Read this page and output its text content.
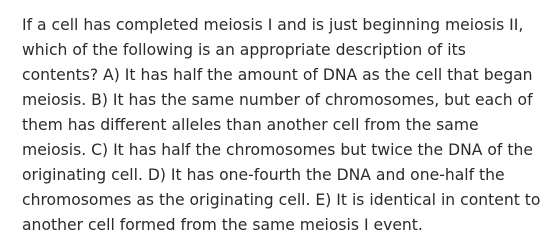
If a cell has completed meiosis I and is just beginning meiosis II, which of the following is an appropriate description of its contents? A) It has half the amount of DNA as the cell that began meiosis. B) It has the same number of chromosomes, but each of them has different alleles than another cell from the same meiosis. C) It has half the chromosomes but twice the DNA of the originating cell. D) It has one-fourth the DNA and one-half the chromosomes as the originating cell. E) It is identical in content to another cell formed from the same meiosis I event.
